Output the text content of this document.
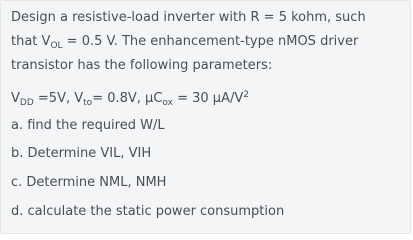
Design a resistive-load inverter with R = 5 kohm, such
that $V_{OL} = 0.5$ V. The enhancement-type nMOS driver
transistor has the following parameters:
$V_{DD} =5V$, $V_{to}= 0.8V$, $\mu C_{ox} = 30$ $\mu A/V^2$
a. find the required W/L
b. Determine VIL, VIH
c. Determine NML, NMH
d. calculate the static power consumption
